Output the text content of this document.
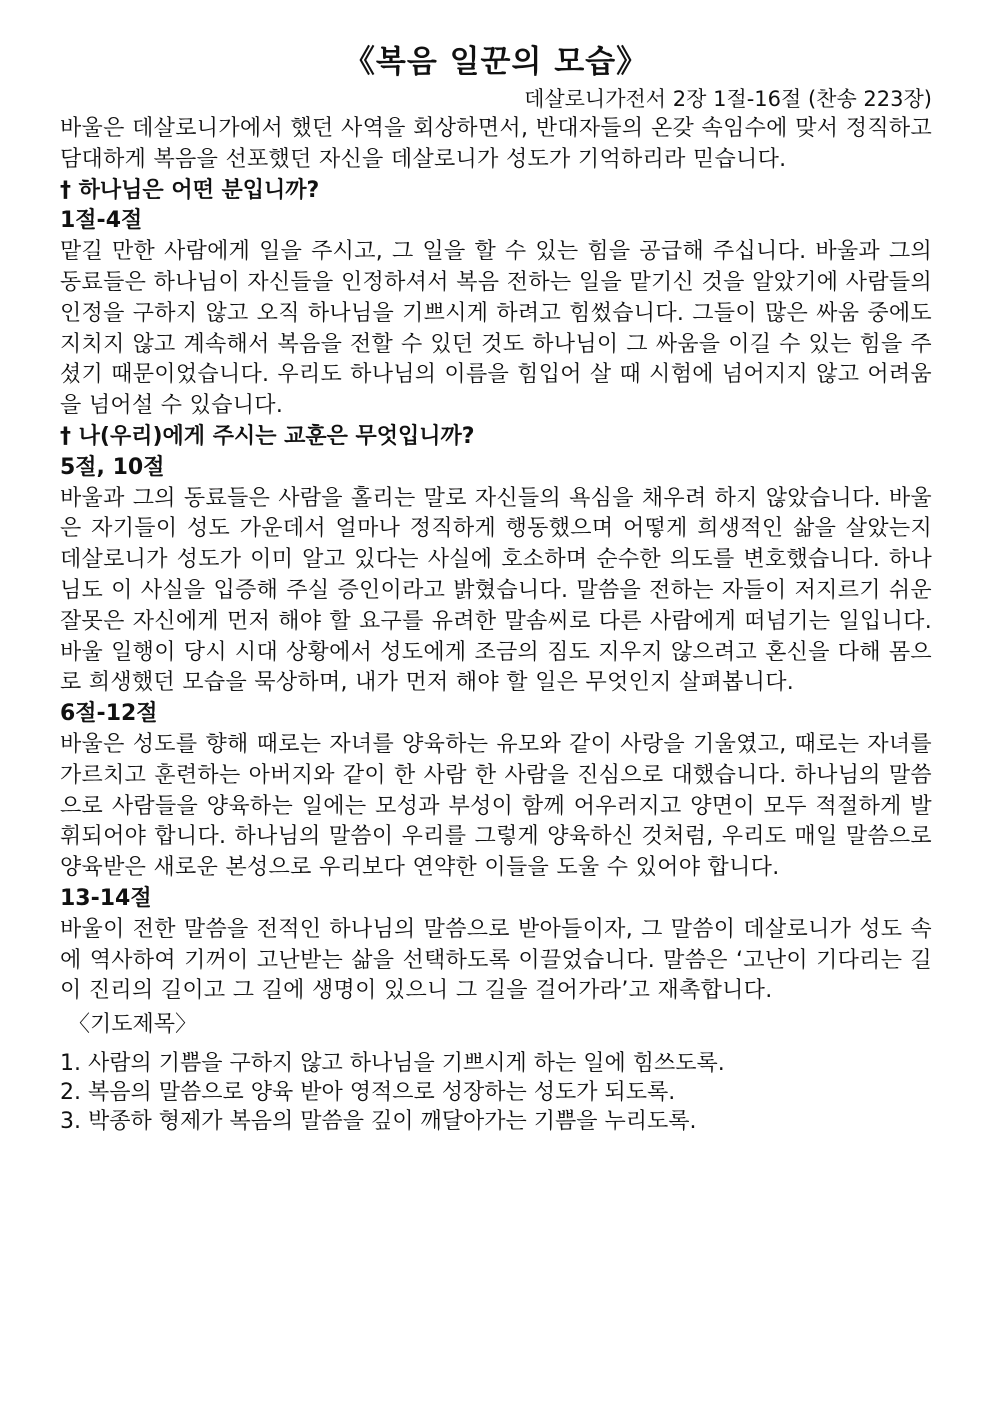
《복음 일꾼의 모습》

데살로니가전서 2장 1절-16절 (찬송 223장)

바울은 데살로니가에서 했던 사역을 회상하면서, 반대자들의 온갖 속임수에 맞서 정직하고 담대하게 복음을 선포했던 자신을 데살로니가 성도가 기억하리라 믿습니다.

† 하나님은 어떤 분입니까?

1절-4절

맡길 만한 사람에게 일을 주시고, 그 일을 할 수 있는 힘을 공급해 주십니다. 바울과 그의 동료들은 하나님이 자신들을 인정하셔서 복음 전하는 일을 맡기신 것을 알았기에 사람들의 인정을 구하지 않고 오직 하나님을 기쁘시게 하려고 힘썼습니다. 그들이 많은 싸움 중에도 지치지 않고 계속해서 복음을 전할 수 있던 것도 하나님이 그 싸움을 이길 수 있는 힘을 주셨기 때문이었습니다. 우리도 하나님의 이름을 힘입어 살 때 시험에 넘어지지 않고 어려움을 넘어설 수 있습니다.

† 나(우리)에게 주시는 교훈은 무엇입니까?

5절, 10절

바울과 그의 동료들은 사람을 홀리는 말로 자신들의 욕심을 채우려 하지 않았습니다. 바울은 자기들이 성도 가운데서 얼마나 정직하게 행동했으며 어떻게 희생적인 삶을 살았는지 데살로니가 성도가 이미 알고 있다는 사실에 호소하며 순수한 의도를 변호했습니다. 하나님도 이 사실을 입증해 주실 증인이라고 밝혔습니다. 말씀을 전하는 자들이 저지르기 쉬운 잘못은 자신에게 먼저 해야 할 요구를 유려한 말솜씨로 다른 사람에게 떠넘기는 일입니다. 바울 일행이 당시 시대 상황에서 성도에게 조금의 짐도 지우지 않으려고 혼신을 다해 몸으로 희생했던 모습을 묵상하며, 내가 먼저 해야 할 일은 무엇인지 살펴봅니다.

6절-12절

바울은 성도를 향해 때로는 자녀를 양육하는 유모와 같이 사랑을 기울였고, 때로는 자녀를 가르치고 훈련하는 아버지와 같이 한 사람 한 사람을 진심으로 대했습니다. 하나님의 말씀으로 사람들을 양육하는 일에는 모성과 부성이 함께 어우러지고 양면이 모두 적절하게 발휘되어야 합니다. 하나님의 말씀이 우리를 그렇게 양육하신 것처럼, 우리도 매일 말씀으로 양육받은 새로운 본성으로 우리보다 연약한 이들을 도울 수 있어야 합니다.

13-14절

바울이 전한 말씀을 전적인 하나님의 말씀으로 받아들이자, 그 말씀이 데살로니가 성도 속에 역사하여 기꺼이 고난받는 삶을 선택하도록 이끌었습니다. 말씀은 ‘고난이 기다리는 길이 진리의 길이고 그 길에 생명이 있으니 그 길을 걸어가라’고 재촉합니다.

〈기도제목〉

1. 사람의 기쁨을 구하지 않고 하나님을 기쁘시게 하는 일에 힘쓰도록.
2. 복음의 말씀으로 양육 받아 영적으로 성장하는 성도가 되도록.
3. 박종하 형제가 복음의 말씀을 깊이 깨달아가는 기쁨을 누리도록.
